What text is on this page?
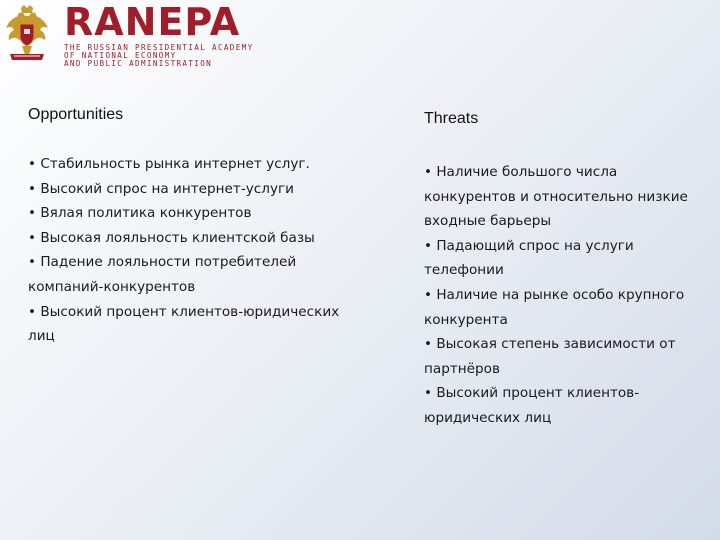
RANEPA
THE RUSSIAN PRESIDENTIAL ACADEMY
OF NATIONAL ECONOMY
AND PUBLIC ADMINISTRATION
Opportunities
• Стабильность рынка интернет услуг.
• Высокий спрос на интернет-услуги
• Вялая политика конкурентов
• Высокая лояльность клиентской базы
• Падение лояльности потребителей компаний-конкурентов
• Высокий процент клиентов-юридических лиц
Threats
• Наличие большого числа конкурентов и относительно низкие входные барьеры
• Падающий спрос на услуги телефонии
• Наличие на рынке особо крупного конкурента
• Высокая степень зависимости от партнёров
• Высокий процент клиентов-юридических лиц
